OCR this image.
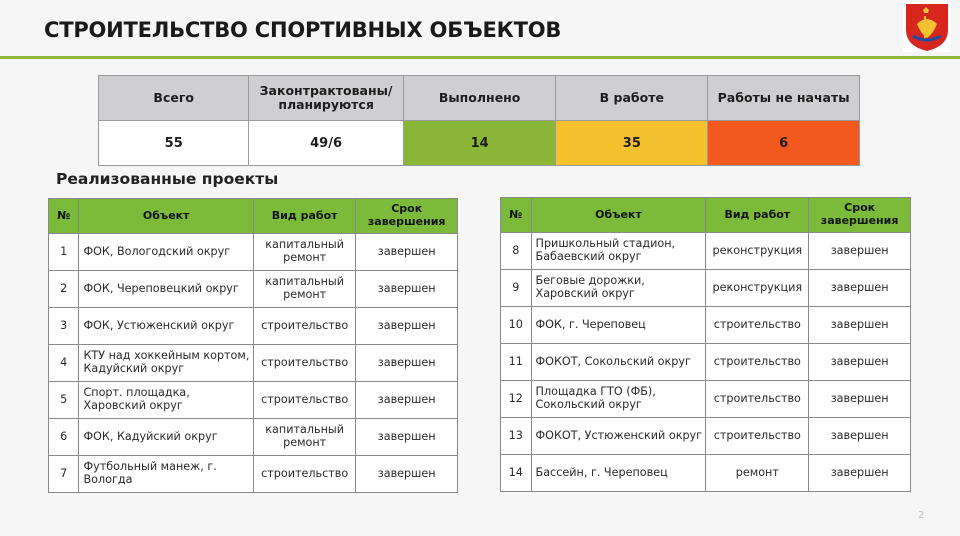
СТРОИТЕЛЬСТВО СПОРТИВНЫХ ОБЪЕКТОВ
Всего	Законтрактованы/ планируются	Выполнено	В работе	Работы не начаты
55	49/6	14	35	6
Реализованные проекты
№	Объект	Вид работ	Срок завершения
1	ФОК, Вологодский округ	капитальный ремонт	завершен
2	ФОК, Череповецкий округ	капитальный ремонт	завершен
3	ФОК, Устюженский округ	строительство	завершен
4	КТУ над хоккейным кортом, Кадуйский округ	строительство	завершен
5	Спорт. площадка, Харовский округ	строительство	завершен
6	ФОК, Кадуйский округ	капитальный ремонт	завершен
7	Футбольный манеж, г. Вологда	строительство	завершен
№	Объект	Вид работ	Срок завершения
8	Пришкольный стадион, Бабаевский округ	реконструкция	завершен
9	Беговые дорожки, Харовский округ	реконструкция	завершен
10	ФОК, г. Череповец	строительство	завершен
11	ФОКОТ, Сокольский округ	строительство	завершен
12	Площадка ГТО (ФБ), Сокольский округ	строительство	завершен
13	ФОКОТ, Устюженский округ	строительство	завершен
14	Бассейн, г. Череповец	ремонт	завершен
2
